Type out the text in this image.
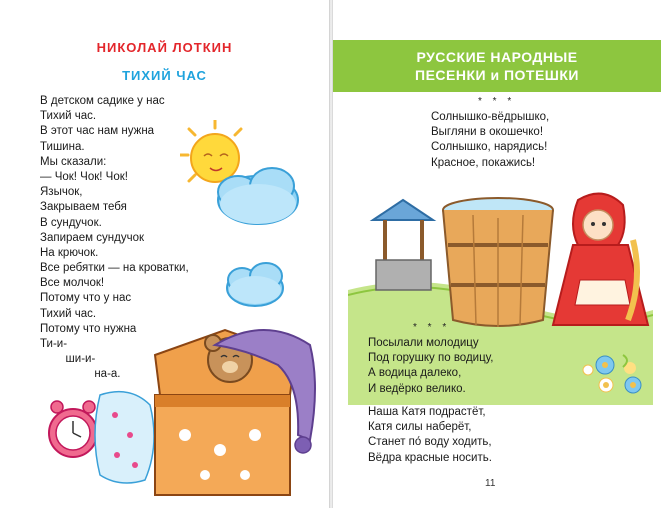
НИКОЛАЙ ЛОТКИН
ТИХИЙ ЧАС
В детском садике у нас
Тихий час.
В этот час нам нужна
Тишина.
Мы сказали:
— Чок! Чок! Чок!
Язычок,
Закрываем тебя
В сундучок.
Запираем сундучок
На крючок.
Все ребятки — на кроватки,
Все молчок!
Потому что у нас
Тихий час.
Потому что нужна
Ти-и-
ши-и-
на-а.
РУССКИЕ НАРОДНЫЕ
ПЕСЕНКИ и ПОТЕШКИ
* * *
Солнышко-вёдрышко,
Выгляни в окошечко!
Солнышко, нарядись!
Красное, покажись!
* * *
Посылали молодицу
Под горушку по водицу,
А водица далеко,
И ведёрко велико.
Наша Катя подрастёт,
Катя силы наберёт,
Станет по́ воду ходить,
Вёдра красные носить.
11
